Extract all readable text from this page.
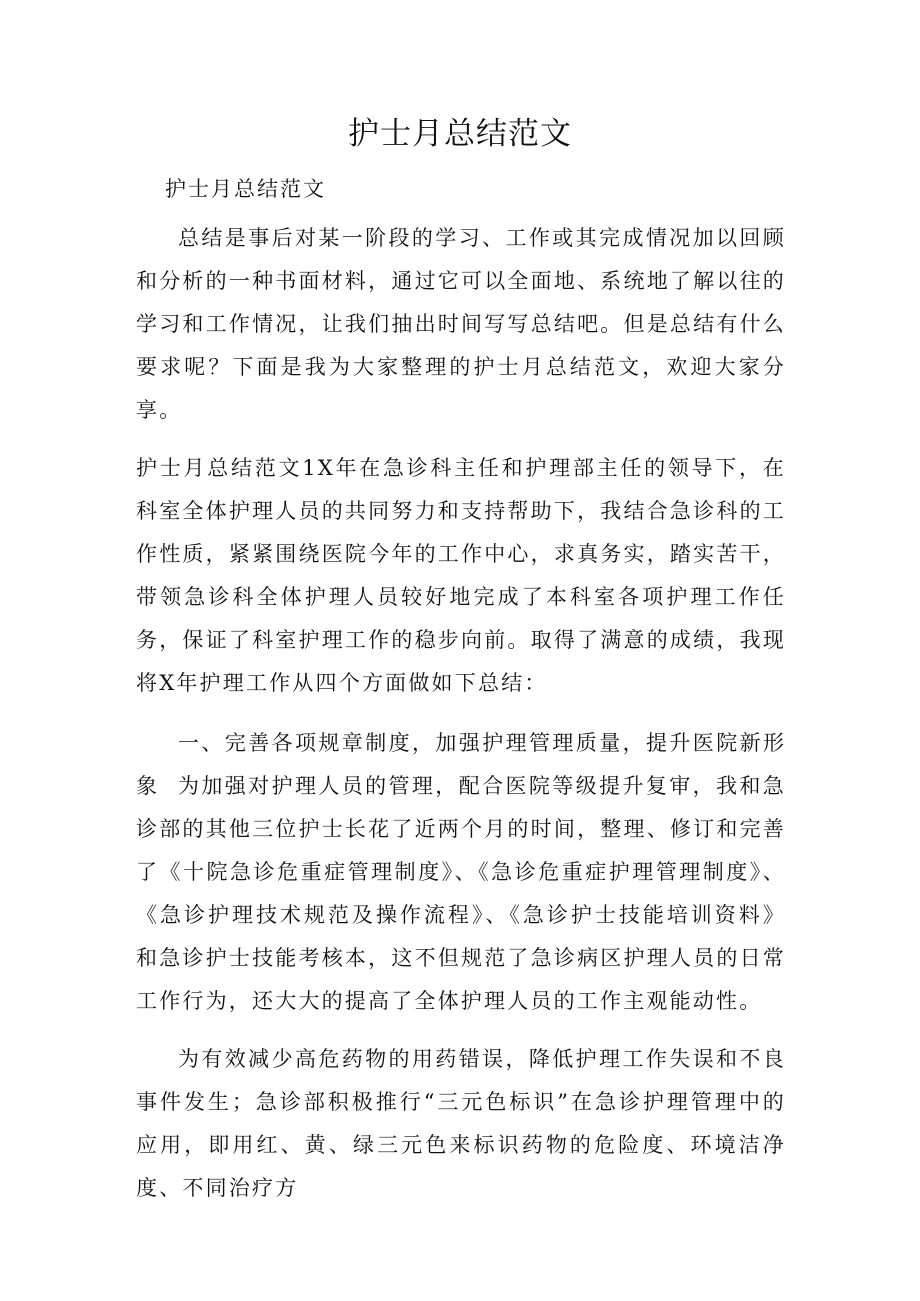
护士月总结范文

护士月总结范文

总结是事后对某一阶段的学习、工作或其完成情况加以回顾和分析的一种书面材料，通过它可以全面地、系统地了解以往的学习和工作情况，让我们抽出时间写写总结吧。但是总结有什么要求呢？下面是我为大家整理的护士月总结范文，欢迎大家分享。

护士月总结范文1X年在急诊科主任和护理部主任的领导下，在科室全体护理人员的共同努力和支持帮助下，我结合急诊科的工作性质，紧紧围绕医院今年的工作中心，求真务实，踏实苦干，带领急诊科全体护理人员较好地完成了本科室各项护理工作任务，保证了科室护理工作的稳步向前。取得了满意的成绩，我现将X年护理工作从四个方面做如下总结：

一、完善各项规章制度，加强护理管理质量，提升医院新形象 为加强对护理人员的管理，配合医院等级提升复审，我和急诊部的其他三位护士长花了近两个月的时间，整理、修订和完善了《十院急诊危重症管理制度》、《急诊危重症护理管理制度》、《急诊护理技术规范及操作流程》、《急诊护士技能培训资料》和急诊护士技能考核本，这不但规范了急诊病区护理人员的日常工作行为，还大大的提高了全体护理人员的工作主观能动性。

为有效减少高危药物的用药错误，降低护理工作失误和不良事件发生；急诊部积极推行“三元色标识”在急诊护理管理中的应用，即用红、黄、绿三元色来标识药物的危险度、环境洁净度、不同治疗方
